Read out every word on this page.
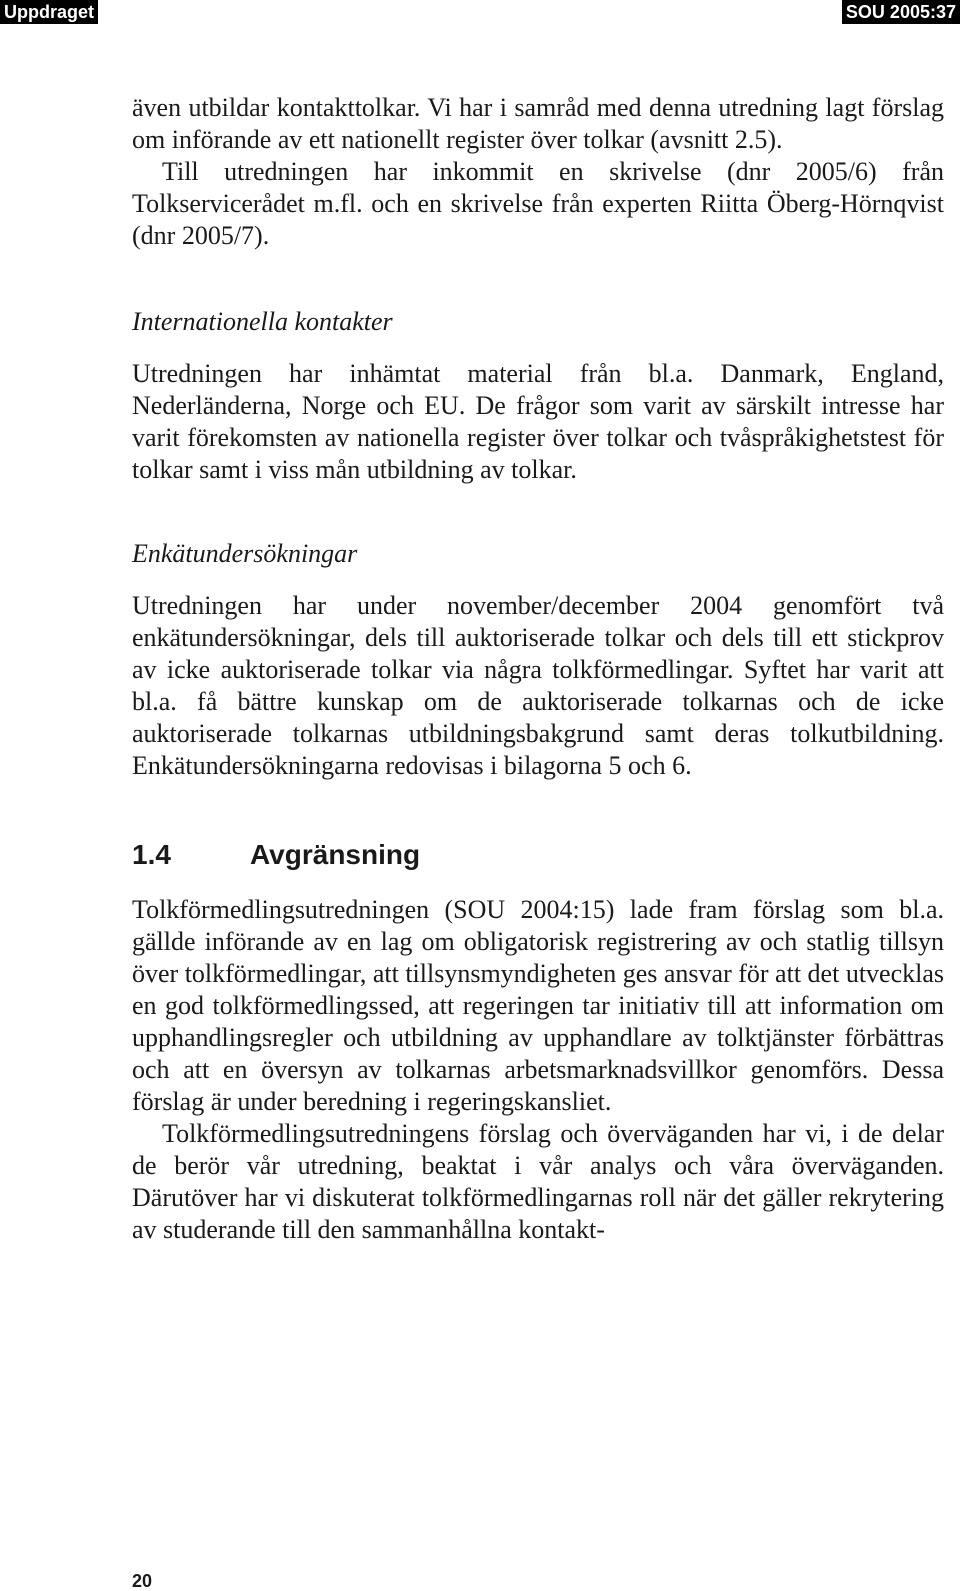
Uppdraget	SOU 2005:37

även utbildar kontakttolkar. Vi har i samråd med denna utredning lagt förslag om införande av ett nationellt register över tolkar (avsnitt 2.5).

Till utredningen har inkommit en skrivelse (dnr 2005/6) från Tolkservicerådet m.fl. och en skrivelse från experten Riitta Öberg-Hörnqvist (dnr 2005/7).

Internationella kontakter

Utredningen har inhämtat material från bl.a. Danmark, England, Nederländerna, Norge och EU. De frågor som varit av särskilt intresse har varit förekomsten av nationella register över tolkar och tvåspråkighetstest för tolkar samt i viss mån utbildning av tolkar.

Enkätundersökningar

Utredningen har under november/december 2004 genomfört två enkätundersökningar, dels till auktoriserade tolkar och dels till ett stickprov av icke auktoriserade tolkar via några tolkförmedlingar. Syftet har varit att bl.a. få bättre kunskap om de auktoriserade tolkarnas och de icke auktoriserade tolkarnas utbildningsbakgrund samt deras tolkutbildning. Enkätundersökningarna redovisas i bilagorna 5 och 6.

1.4	Avgränsning

Tolkförmedlingsutredningen (SOU 2004:15) lade fram förslag som bl.a. gällde införande av en lag om obligatorisk registrering av och statlig tillsyn över tolkförmedlingar, att tillsynsmyndigheten ges ansvar för att det utvecklas en god tolkförmedlingssed, att regeringen tar initiativ till att information om upphandlingsregler och utbildning av upphandlare av tolktjänster förbättras och att en översyn av tolkarnas arbetsmarknadsvillkor genomförs. Dessa förslag är under beredning i regeringskansliet.

Tolkförmedlingsutredningens förslag och överväganden har vi, i de delar de berör vår utredning, beaktat i vår analys och våra överväganden. Därutöver har vi diskuterat tolkförmedlingarnas roll när det gäller rekrytering av studerande till den sammanhållna kontakt-

20
